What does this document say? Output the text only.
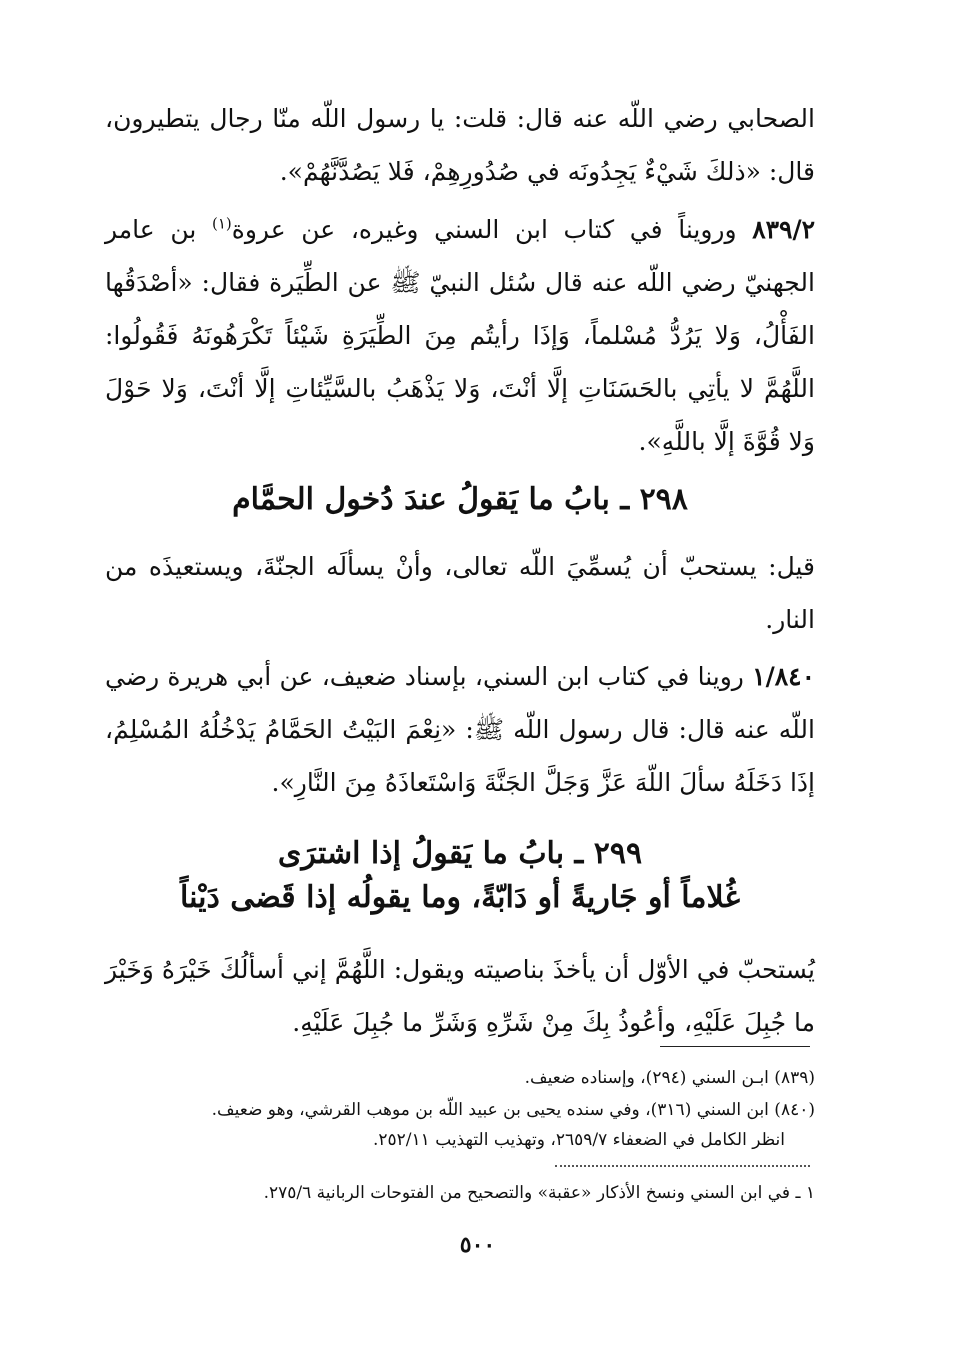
الصحابي رضي اللّه عنه قال: قلت: يا رسول اللّه منّا رجال يتطيرون، قال: «ذلكَ شَيْءٌ يَجِدُونَه في صُدُورِهِمْ، فَلا يَصُدَّنَّهُمْ».

٨٣٩/٢ ورويناً في كتاب ابن السني وغيره، عن عروة$^{(١)}$ بن عامر الجهنيّ رضي اللّه عنه قال سُئل النبيّ ﷺ عن الطِّيَرة فقال: «أصْدَقُها الفَأْلُ، وَلا يَرُدُّ مُسْلماً، وَإذَا رأيتُم مِنَ الطِّيَرَةِ شَيْئاً تَكْرَهُونَهُ فَقُولُوا: اللَّهُمَّ لا يأتِي بالحَسَنَاتِ إلَّا أنْتَ، وَلا يَذْهَبُ بالسَّيِّئاتِ إلَّا أنْتَ، وَلا حَوْلَ وَلا قُوَّةَ إلَّا باللَّهِ».

٢٩٨ ـ بابُ ما يَقولُ عندَ دُخول الحمَّام

قيل: يستحبّ أن يُسمِّيَ اللّه تعالى، وأنْ يسألَه الجنّةَ، ويستعيذَه من النار.

١/٨٤٠ روينا في كتاب ابن السني، بإسناد ضعيف، عن أبي هريرة رضي اللّه عنه قال: قال رسول اللّه ﷺ: «نِعْمَ البَيْتُ الحَمَّامُ يَدْخُلُهُ المُسْلِمُ، إذَا دَخَلَهُ سألَ اللّهَ عَزَّ وَجَلَّ الجَنَّةَ وَاسْتَعاذَهُ مِنَ النَّارِ».

٢٩٩ ـ بابُ ما يَقولُ إذا اشترَى
غُلاماً أو جَاريةً أو دَابّةً، وما يقولُه إذا قَضى دَيْناً

يُستحبّ في الأوّل أن يأخذَ بناصيته ويقول: اللَّهُمَّ إني أسألُكَ خَيْرَهُ وَخَيْرَ ما جُبِلَ عَلَيْهِ، وأعُوذُ بِكَ مِنْ شَرِّهِ وَشَرِّ ما جُبِلَ عَلَيْهِ.

(٨٣٩) ابـن السني (٢٩٤)، وإسناده ضعيف.
(٨٤٠) ابن السني (٣١٦)، وفي سنده يحيى بن عبيد اللّه بن موهب القرشي، وهو ضعيف.
انظر الكامل في الضعفاء ٢٦٥٩/٧، وتهذيب التهذيب ٢٥٢/١١.
١ ـ في ابن السني ونسخ الأذكار «عقبة» والتصحيح من الفتوحات الربانية ٢٧٥/٦.
٥٠٠
